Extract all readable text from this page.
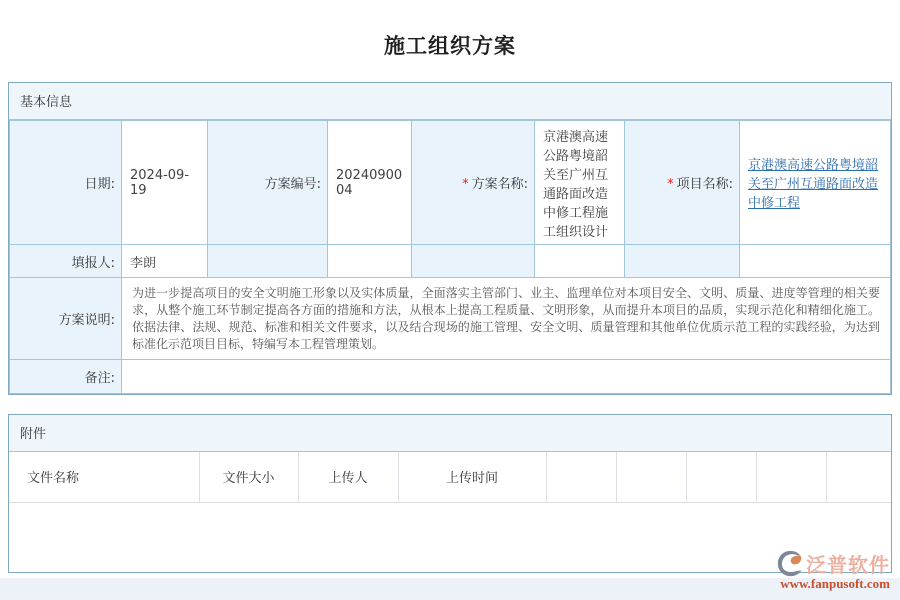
施工组织方案
基本信息
日期:	2024-09-19	方案编号:	2024090004	* 方案名称:	京港澳高速公路粤境韶关至广州互通路面改造中修工程施工组织设计	* 项目名称:	京港澳高速公路粤境韶关至广州互通路面改造中修工程
填报人:	李朗						
方案说明:	为进一步提高项目的安全文明施工形象以及实体质量，全面落实主管部门、业主、监理单位对本项目安全、文明、质量、进度等管理的相关要求，从整个施工环节制定提高各方面的措施和方法，从根本上提高工程质量、文明形象，从而提升本项目的品质，实现示范化和精细化施工。依据法律、法规、规范、标准和相关文件要求，以及结合现场的施工管理、安全文明、质量管理和其他单位优质示范工程的实践经验，为达到标准化示范项目目标，特编写本工程管理策划。						

备注:							
附件
文件名称	文件大小	上传人	上传时间					

泛普软件
www.fanpusoft.com
